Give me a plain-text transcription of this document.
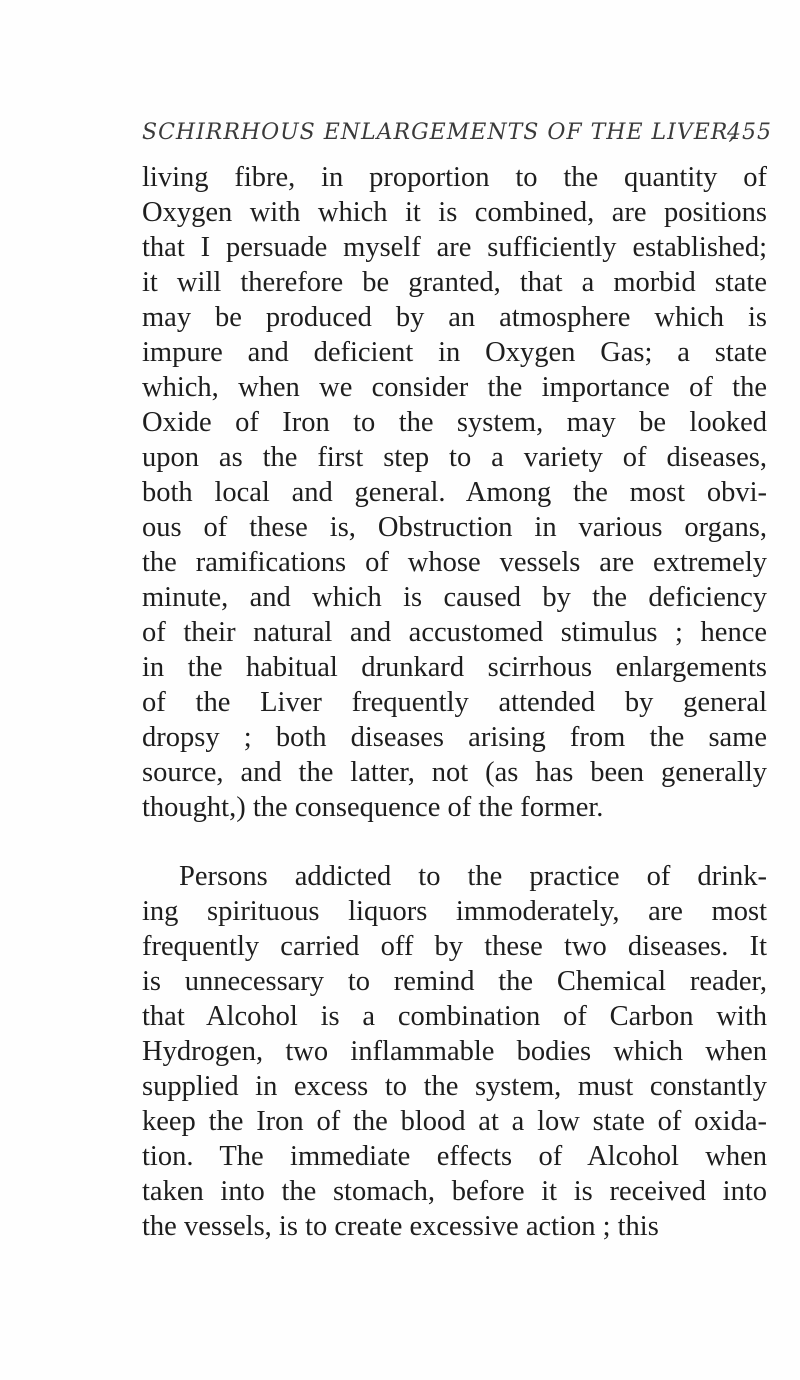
SCHIRRHOUS ENLARGEMENTS OF THE LIVER,
455
living fibre, in proportion to the quantity of
Oxygen with which it is combined, are positions
that I persuade myself are sufficiently established;
it will therefore be granted, that a morbid state
may be produced by an atmosphere which is
impure and deficient in Oxygen Gas; a state
which, when we consider the importance of the
Oxide of Iron to the system, may be looked
upon as the first step to a variety of diseases,
both local and general. Among the most obvi-
ous of these is, Obstruction in various organs,
the ramifications of whose vessels are extremely
minute, and which is caused by the deficiency
of their natural and accustomed stimulus ; hence
in the habitual drunkard scirrhous enlargements
of the Liver frequently attended by general
dropsy ; both diseases arising from the same
source, and the latter, not (as has been generally
thought,) the consequence of the former.
Persons addicted to the practice of drink-
ing spirituous liquors immoderately, are most
frequently carried off by these two diseases. It
is unnecessary to remind the Chemical reader,
that Alcohol is a combination of Carbon with
Hydrogen, two inflammable bodies which when
supplied in excess to the system, must constantly
keep the Iron of the blood at a low state of oxida-
tion. The immediate effects of Alcohol when
taken into the stomach, before it is received into
the vessels, is to create excessive action ; this
